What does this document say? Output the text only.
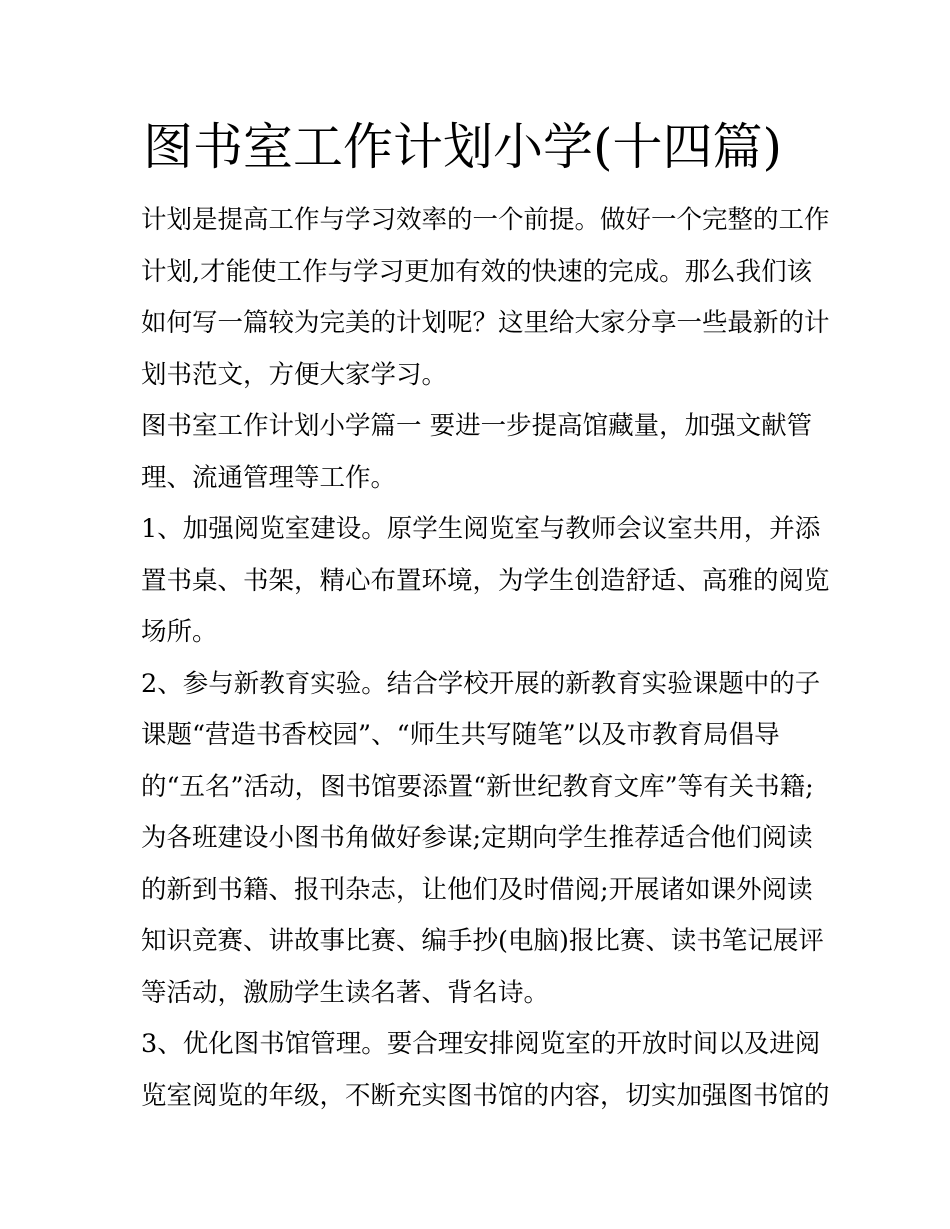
图书室工作计划小学(十四篇)
计划是提高工作与学习效率的一个前提。做好一个完整的工作
计划,才能使工作与学习更加有效的快速的完成。那么我们该
如何写一篇较为完美的计划呢？这里给大家分享一些最新的计
划书范文，方便大家学习。
图书室工作计划小学篇一 要进一步提高馆藏量，加强文献管
理、流通管理等工作。
1、加强阅览室建设。原学生阅览室与教师会议室共用，并添
置书桌、书架，精心布置环境，为学生创造舒适、高雅的阅览
场所。
2、参与新教育实验。结合学校开展的新教育实验课题中的子
课题“营造书香校园”、“师生共写随笔”以及市教育局倡导
的“五名”活动，图书馆要添置“新世纪教育文库”等有关书籍;
为各班建设小图书角做好参谋;定期向学生推荐适合他们阅读
的新到书籍、报刊杂志，让他们及时借阅;开展诸如课外阅读
知识竞赛、讲故事比赛、编手抄(电脑)报比赛、读书笔记展评
等活动，激励学生读名著、背名诗。
3、优化图书馆管理。要合理安排阅览室的开放时间以及进阅
览室阅览的年级，不断充实图书馆的内容，切实加强图书馆的
